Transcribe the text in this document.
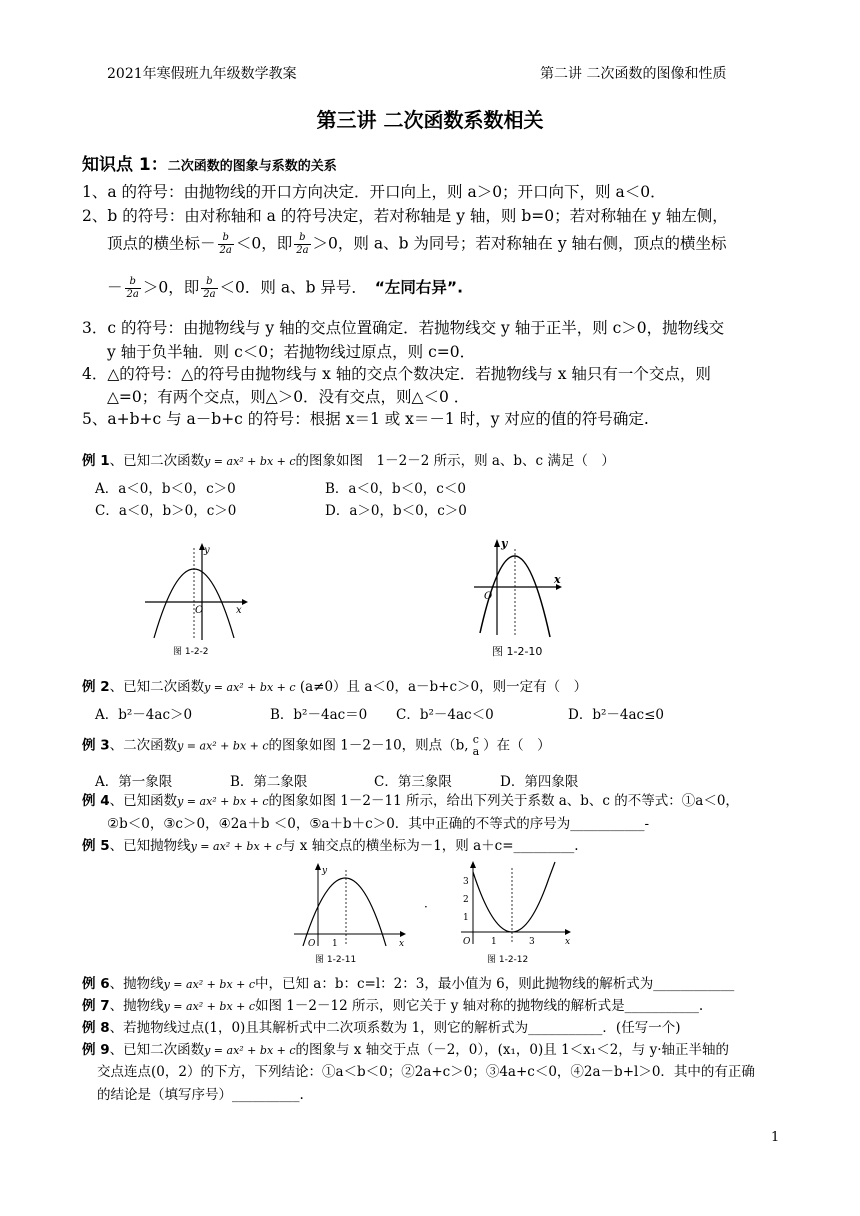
2021年寒假班九年级数学教案	第二讲 二次函数的图像和性质
第三讲 二次函数系数相关
知识点 1：二次函数的图象与系数的关系
1、a 的符号：由抛物线的开口方向决定．开口向上，则 a＞0；开口向下，则 a＜0．
2、b 的符号：由对称轴和 a 的符号决定，若对称轴是 y 轴，则 b=0；若对称轴在 y 轴左侧，
顶点的横坐标－ $\frac{b}{2a} <0$，即 $\frac{b}{2a} >0$，则 a、b 为同号；若对称轴在 y 轴右侧，顶点的横坐标
－ $\frac{b}{2a} >0$，即 $\frac{b}{2a} <0$．则 a、b 异号．　 “左同右异”.
3．c 的符号：由抛物线与 y 轴的交点位置确定．若抛物线交 y 轴于正半，则 c＞0，抛物线交
y 轴于负半轴．则 c＜0；若抛物线过原点，则 c=0．
4．△的符号：△的符号由抛物线与 x 轴的交点个数决定．若抛物线与 x 轴只有一个交点，则
△=0；有两个交点，则△＞0．没有交点，则△＜0 ．
5、a+b+c 与 a－b+c 的符号：根据 x＝1 或 x＝－1 时，y 对应的值的符号确定.
例 1、已知二次函数y = ax² + bx + c的图象如图　1－2－2 所示，则 a、b、c 满足（　）
A．a＜0，b＜0，c＞0	B．a＜0，b＜0，c＜0
C．a＜0，b＞0，c＞0	D．a＞0，b＜0，c＞0
y
x
O
图 1-2-2
y
x
O
图 1-2-10
例 2、已知二次函数y = ax² + bx + c (a≠0）且 a＜0，a－b+c＞0，则一定有（　）
A．b²－4ac＞0	B．b²－4ac＝0 C．b²－4ac＜0	D．b²－4ac≤0
例 3、二次函数y = ax² + bx + c的图象如图 1－2－10，则点（b, c
a ）在（　）
A．第一象限	B．第二象限	C．第三象限	D．第四象限
例 4、已知函数y = ax² + bx + c的图象如图 1－2－11 所示，给出下列关于系数 a、b、c 的不等式：①a＜0，
②b＜0，③c＞0，④2a＋b ＜0，⑤a＋b＋c＞0．其中正确的不等式的序号为___________-
例 5、已知抛物线y = ax² + bx + c与 x 轴交点的横坐标为－1，则 a＋c=_________.
y
x
O 1
图 1-2-11
·
3
2
1
O 1	3	x
图 1-2-12
例 6、抛物线y = ax² + bx + c中，已知 a：b：c=l：2：3，最小值为 6，则此抛物线的解析式为____________
例 7、抛物线y = ax² + bx + c如图 1－2－12 所示，则它关于 y 轴对称的抛物线的解析式是___________.
例 8、若抛物线过点(1，0)且其解析式中二次项系数为 1，则它的解析式为___________．(任写一个)
例 9、已知二次函数y = ax² + bx + c的图象与 x 轴交于点（－2，0），(x₁，0)且 1＜x₁＜2，与 y·轴正半轴的
交点连点(0，2）的下方，下列结论：①a＜b＜0；②2a+c＞0；③4a+c＜0，④2a－b+l＞0．其中的有正确
的结论是（填写序号）__________.
1
